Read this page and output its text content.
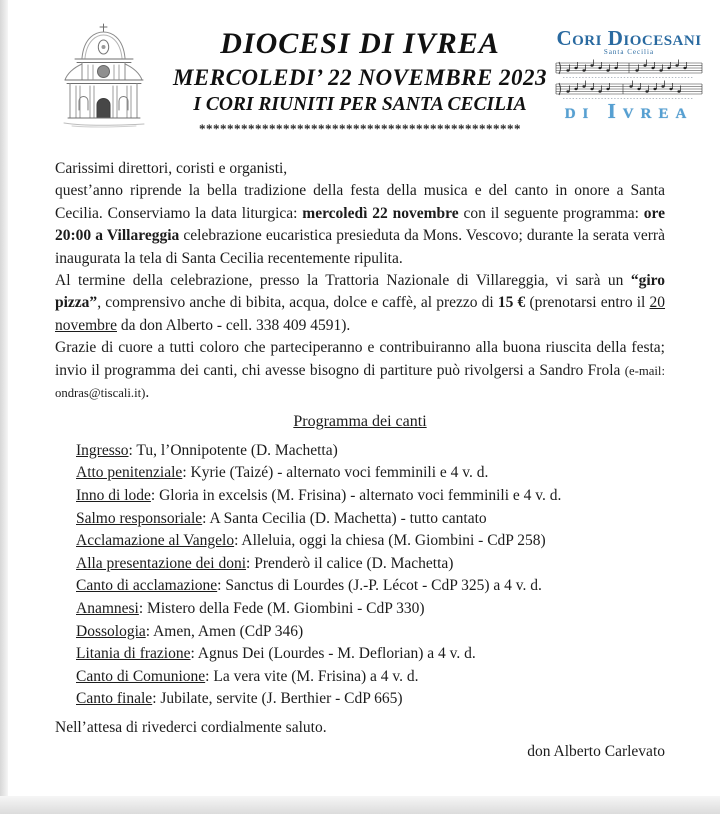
DIOCESI DI IVREA
MERCOLEDI’ 22 NOVEMBRE 2023
I CORI RIUNITI PER SANTA CECILIA
Cori Diocesani
Santa Cecilia
di Ivrea
**********************************************

Carissimi direttori, coristi e organisti,

quest’anno riprende la bella tradizione della festa della musica e del canto in onore a Santa Cecilia. Conserviamo la data liturgica: mercoledì 22 novembre con il seguente programma: ore 20:00 a Villareggia celebrazione eucaristica presieduta da Mons. Vescovo; durante la serata verrà inaugurata la tela di Santa Cecilia recentemente ripulita.

Al termine della celebrazione, presso la Trattoria Nazionale di Villareggia, vi sarà un “giro pizza”, comprensivo anche di bibita, acqua, dolce e caffè, al prezzo di 15 € (prenotarsi entro il 20 novembre da don Alberto - cell. 338 409 4591).

Grazie di cuore a tutti coloro che parteciperanno e contribuiranno alla buona riuscita della festa; invio il programma dei canti, chi avesse bisogno di partiture può rivolgersi a Sandro Frola (e-mail: ondras@tiscali.it).

Programma dei canti
Ingresso: Tu, l’Onnipotente (D. Machetta)
Atto penitenziale: Kyrie (Taizé) - alternato voci femminili e 4 v. d.
Inno di lode: Gloria in excelsis (M. Frisina) - alternato voci femminili e 4 v. d.
Salmo responsoriale: A Santa Cecilia (D. Machetta) - tutto cantato
Acclamazione al Vangelo: Alleluia, oggi la chiesa (M. Giombini - CdP 258)
Alla presentazione dei doni: Prenderò il calice (D. Machetta)
Canto di acclamazione: Sanctus di Lourdes (J.-P. Lécot - CdP 325) a 4 v. d.
Anamnesi: Mistero della Fede (M. Giombini - CdP 330)
Dossologia: Amen, Amen (CdP 346)
Litania di frazione: Agnus Dei (Lourdes - M. Deflorian) a 4 v. d.
Canto di Comunione: La vera vite (M. Frisina) a 4 v. d.
Canto finale: Jubilate, servite (J. Berthier - CdP 665)
Nell’attesa di rivederci cordialmente saluto.
don Alberto Carlevato
